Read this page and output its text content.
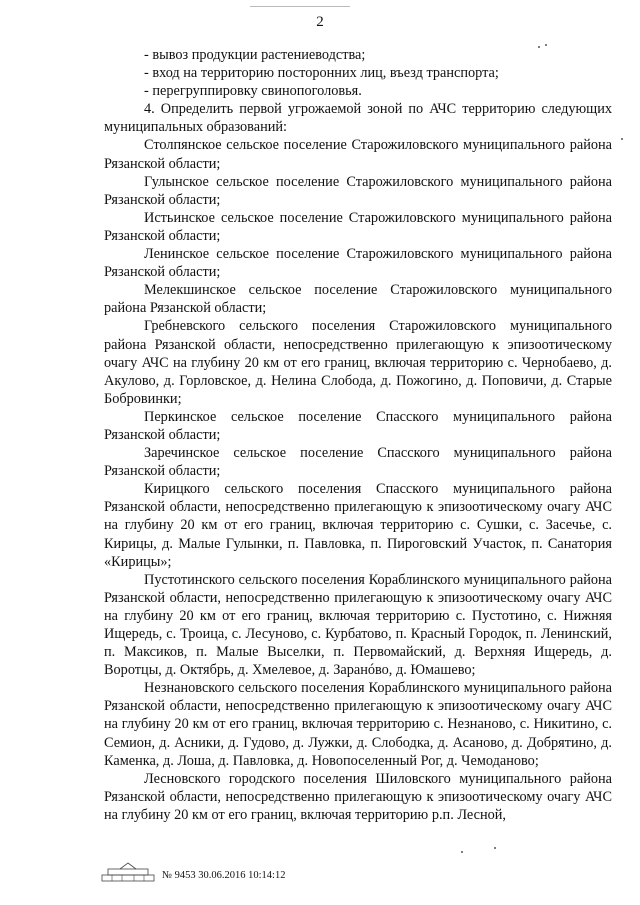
2

- вывоз продукции растениеводства;

- вход на территорию посторонних лиц, въезд транспорта;

- перегруппировку свинопоголовья.

4. Определить первой угрожаемой зоной по АЧС территорию следующих муниципальных образований:

Столпянское сельское поселение Старожиловского муниципального района Рязанской области;

Гулынское сельское поселение Старожиловского муниципального района Рязанской области;

Истьинское сельское поселение Старожиловского муниципального района Рязанской области;

Ленинское сельское поселение Старожиловского муниципального района Рязанской области;

Мелекшинское сельское поселение Старожиловского муниципального района Рязанской области;

Гребневского сельского поселения Старожиловского муниципального района Рязанской области, непосредственно прилегающую к эпизоотическому очагу АЧС на глубину 20 км от его границ, включая территорию с. Чернобаево, д. Акулово, д. Горловское, д. Нелина Слобода, д. Пожогино, д. Поповичи, д. Старые Бобровинки;

Перкинское сельское поселение Спасского муниципального района Рязанской области;

Заречинское сельское поселение Спасского муниципального района Рязанской области;

Кирицкого сельского поселения Спасского муниципального района Рязанской области, непосредственно прилегающую к эпизоотическому очагу АЧС на глубину 20 км от его границ, включая территорию с. Сушки, с. Засечье, с. Кирицы, д. Малые Гулынки, п. Павловка, п. Пироговский Участок, п. Санатория «Кирицы»;

Пустотинского сельского поселения Кораблинского муниципального района Рязанской области, непосредственно прилегающую к эпизоотическому очагу АЧС на глубину 20 км от его границ, включая территорию с. Пустотино, с. Нижняя Ищередь, с. Троица, с. Лесуново, с. Курбатово, п. Красный Городок, п. Ленинский, п. Максиков, п. Малые Выселки, п. Первомайский, д. Верхняя Ищередь, д. Воротцы, д. Октябрь, д. Хмелевое, д. Заранóво, д. Юмашево;

Незнановского сельского поселения Кораблинского муниципального района Рязанской области, непосредственно прилегающую к эпизоотическому очагу АЧС на глубину 20 км от его границ, включая территорию с. Незнаново, с. Никитино, с. Семион, д. Асники, д. Гудово, д. Лужки, д. Слободка, д. Асаново, д. Добрятино, д. Каменка, д. Лоша, д. Павловка, д. Новопоселенный Рог, д. Чемоданово;

Лесновского городского поселения Шиловского муниципального района Рязанской области, непосредственно прилегающую к эпизоотическому очагу АЧС на глубину 20 км от его границ, включая территорию р.п. Лесной,

№ 9453 30.06.2016 10:14:12
